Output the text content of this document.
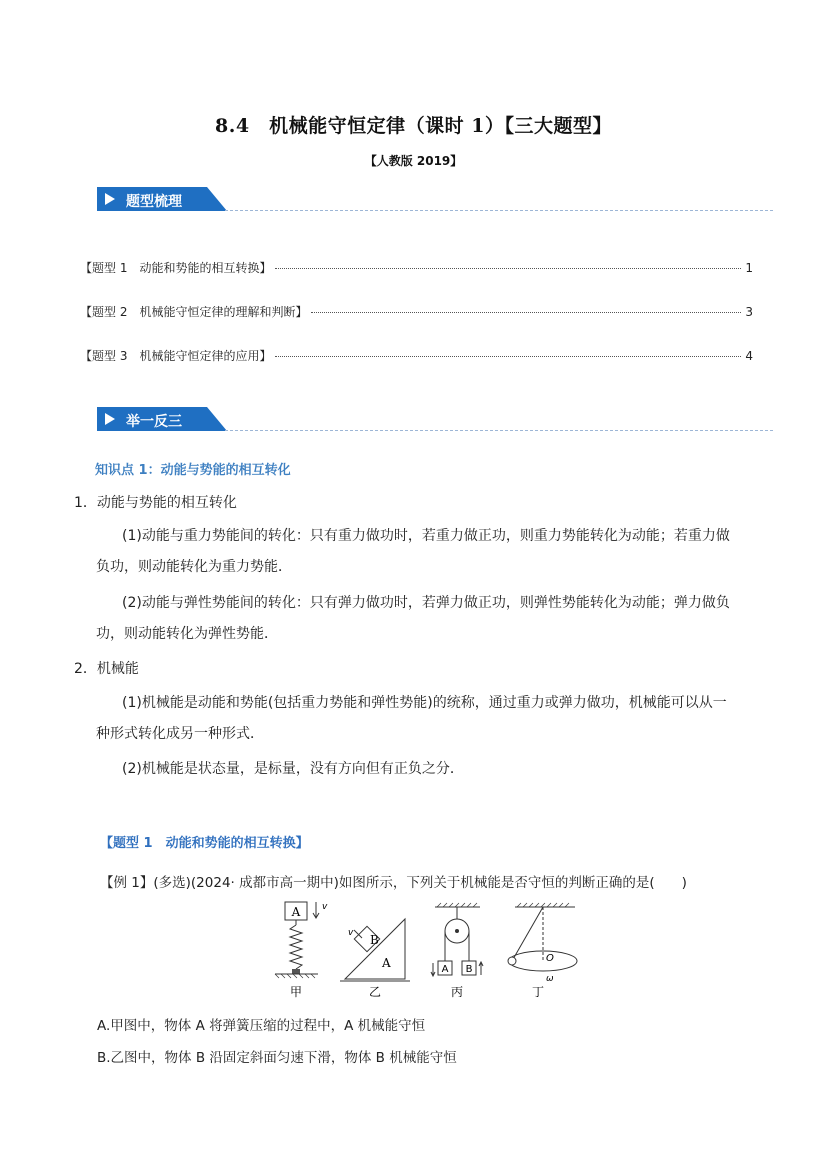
8.4　机械能守恒定律（课时 1）【三大题型】
【人教版 2019】
题型梳理
【题型 1　动能和势能的相互转换】	1
【题型 2　机械能守恒定律的理解和判断】	3
【题型 3　机械能守恒定律的应用】	4
举一反三
知识点 1：动能与势能的相互转化
1．动能与势能的相互转化
(1)动能与重力势能间的转化：只有重力做功时，若重力做正功，则重力势能转化为动能；若重力做
负功，则动能转化为重力势能．
(2)动能与弹性势能间的转化：只有弹力做功时，若弹力做正功，则弹性势能转化为动能；弹力做负
功，则动能转化为弹性势能．
2．机械能
(1)机械能是动能和势能(包括重力势能和弹性势能)的统称，通过重力或弹力做功，机械能可以从一
种形式转化成另一种形式．
(2)机械能是状态量，是标量，没有方向但有正负之分．
【题型 1　动能和势能的相互转换】
【例 1】(多选)(2024· 成都市高一期中)如图所示，下列关于机械能是否守恒的判断正确的是(　　)
A v
甲
A
B
v
乙
A B
丙
O
ω
丁
A.甲图中，物体 A 将弹簧压缩的过程中，A 机械能守恒
B.乙图中，物体 B 沿固定斜面匀速下滑，物体 B 机械能守恒
